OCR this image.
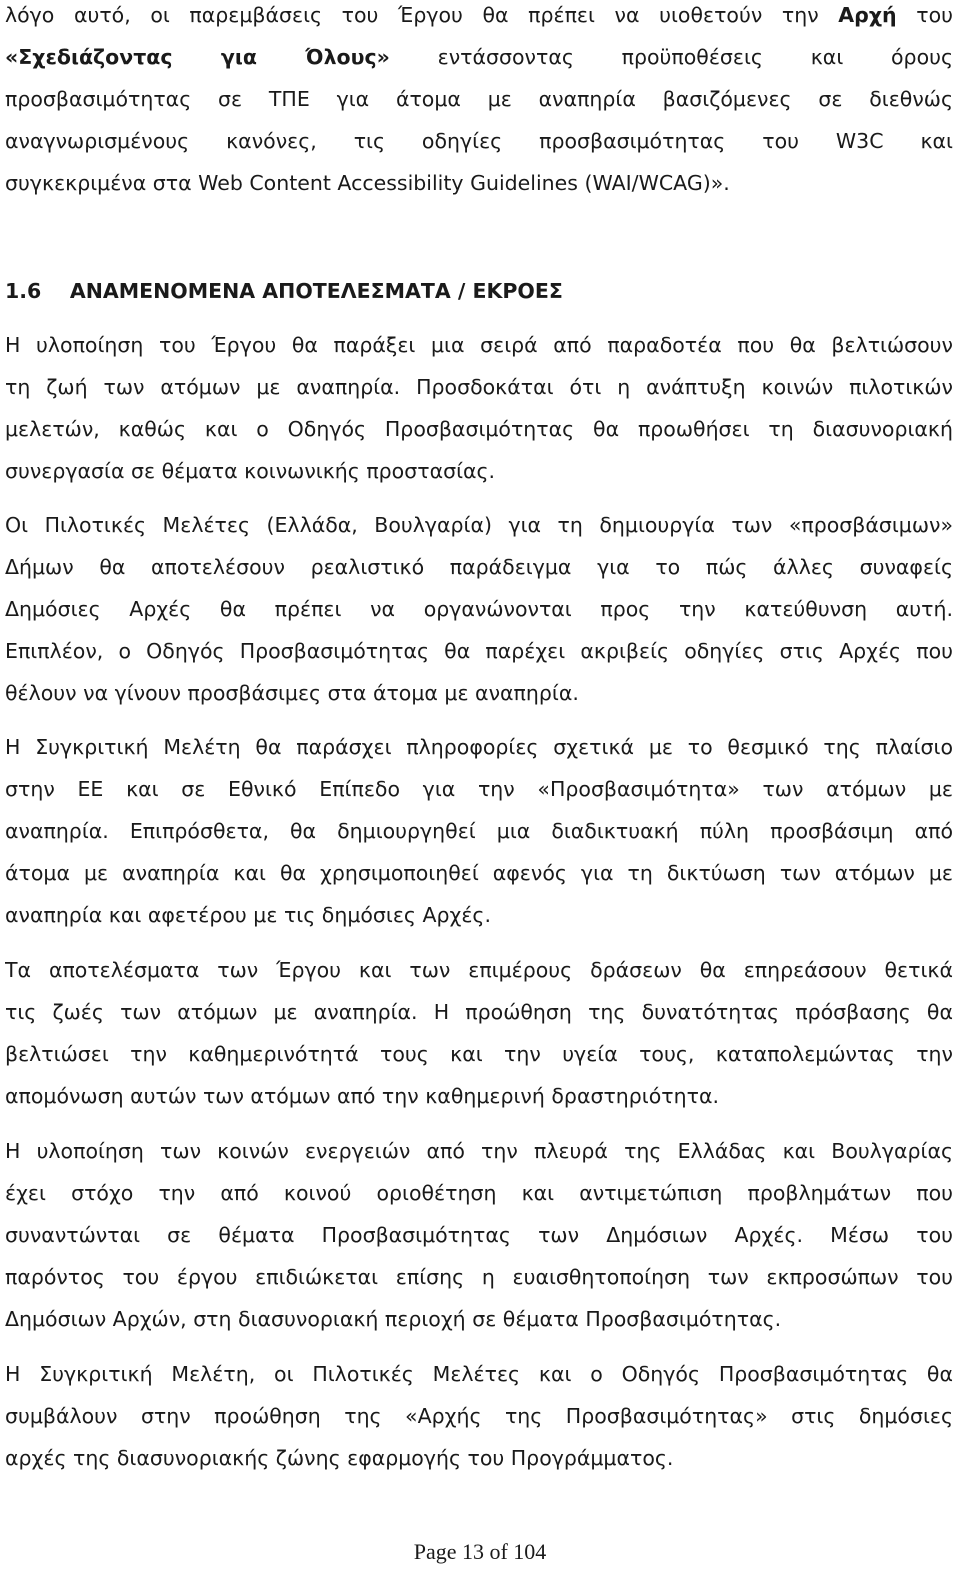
λόγο αυτό, οι παρεμβάσεις του Έργου θα πρέπει να υιοθετούν την Αρχή του
«Σχεδιάζοντας για Όλους» εντάσσοντας προϋποθέσεις και όρους
προσβασιμότητας σε ΤΠΕ για άτομα με αναπηρία βασιζόμενες σε διεθνώς
αναγνωρισμένους κανόνες, τις οδηγίες προσβασιμότητας του W3C και
συγκεκριμένα στα Web Content Accessibility Guidelines (WAI/WCAG)».
1.6    ΑΝΑΜΕΝΟΜΕΝΑ ΑΠΟΤΕΛΕΣΜΑΤΑ / ΕΚΡΟΕΣ
Η υλοποίηση του Έργου θα παράξει μια σειρά από παραδοτέα που θα βελτιώσουν
τη ζωή των ατόμων με αναπηρία. Προσδοκάται ότι η ανάπτυξη κοινών πιλοτικών
μελετών, καθώς και ο Οδηγός Προσβασιμότητας θα προωθήσει τη διασυνοριακή
συνεργασία σε θέματα κοινωνικής προστασίας.
Οι Πιλοτικές Μελέτες (Ελλάδα, Βουλγαρία) για τη δημιουργία των «προσβάσιμων»
Δήμων θα αποτελέσουν ρεαλιστικό παράδειγμα για το πώς άλλες συναφείς
Δημόσιες Αρχές θα πρέπει να οργανώνονται προς την κατεύθυνση αυτή.
Επιπλέον, ο Οδηγός Προσβασιμότητας θα παρέχει ακριβείς οδηγίες στις Αρχές που
θέλουν να γίνουν προσβάσιμες στα άτομα με αναπηρία.
Η Συγκριτική Μελέτη θα παράσχει πληροφορίες σχετικά με το θεσμικό της πλαίσιο
στην ΕΕ και σε Εθνικό Επίπεδο για την «Προσβασιμότητα» των ατόμων με
αναπηρία. Επιπρόσθετα, θα δημιουργηθεί μια διαδικτυακή πύλη προσβάσιμη από
άτομα με αναπηρία και θα χρησιμοποιηθεί αφενός για τη δικτύωση των ατόμων με
αναπηρία και αφετέρου με τις δημόσιες Αρχές.
Τα αποτελέσματα των Έργου και των επιμέρους δράσεων θα επηρεάσουν θετικά
τις ζωές των ατόμων με αναπηρία. Η προώθηση της δυνατότητας πρόσβασης θα
βελτιώσει την καθημερινότητά τους και την υγεία τους, καταπολεμώντας την
απομόνωση αυτών των ατόμων από την καθημερινή δραστηριότητα.
Η υλοποίηση των κοινών ενεργειών από την πλευρά της Ελλάδας και Βουλγαρίας
έχει στόχο την από κοινού οριοθέτηση και αντιμετώπιση προβλημάτων που
συναντώνται σε θέματα Προσβασιμότητας των Δημόσιων Αρχές. Μέσω του
παρόντος του έργου επιδιώκεται επίσης η ευαισθητοποίηση των εκπροσώπων του
Δημόσιων Αρχών, στη διασυνοριακή περιοχή σε θέματα Προσβασιμότητας.
Η Συγκριτική Μελέτη, οι Πιλοτικές Μελέτες και ο Οδηγός Προσβασιμότητας θα
συμβάλουν στην προώθηση της «Αρχής της Προσβασιμότητας» στις δημόσιες
αρχές της διασυνοριακής ζώνης εφαρμογής του Προγράμματος.
Page 13 of 104
